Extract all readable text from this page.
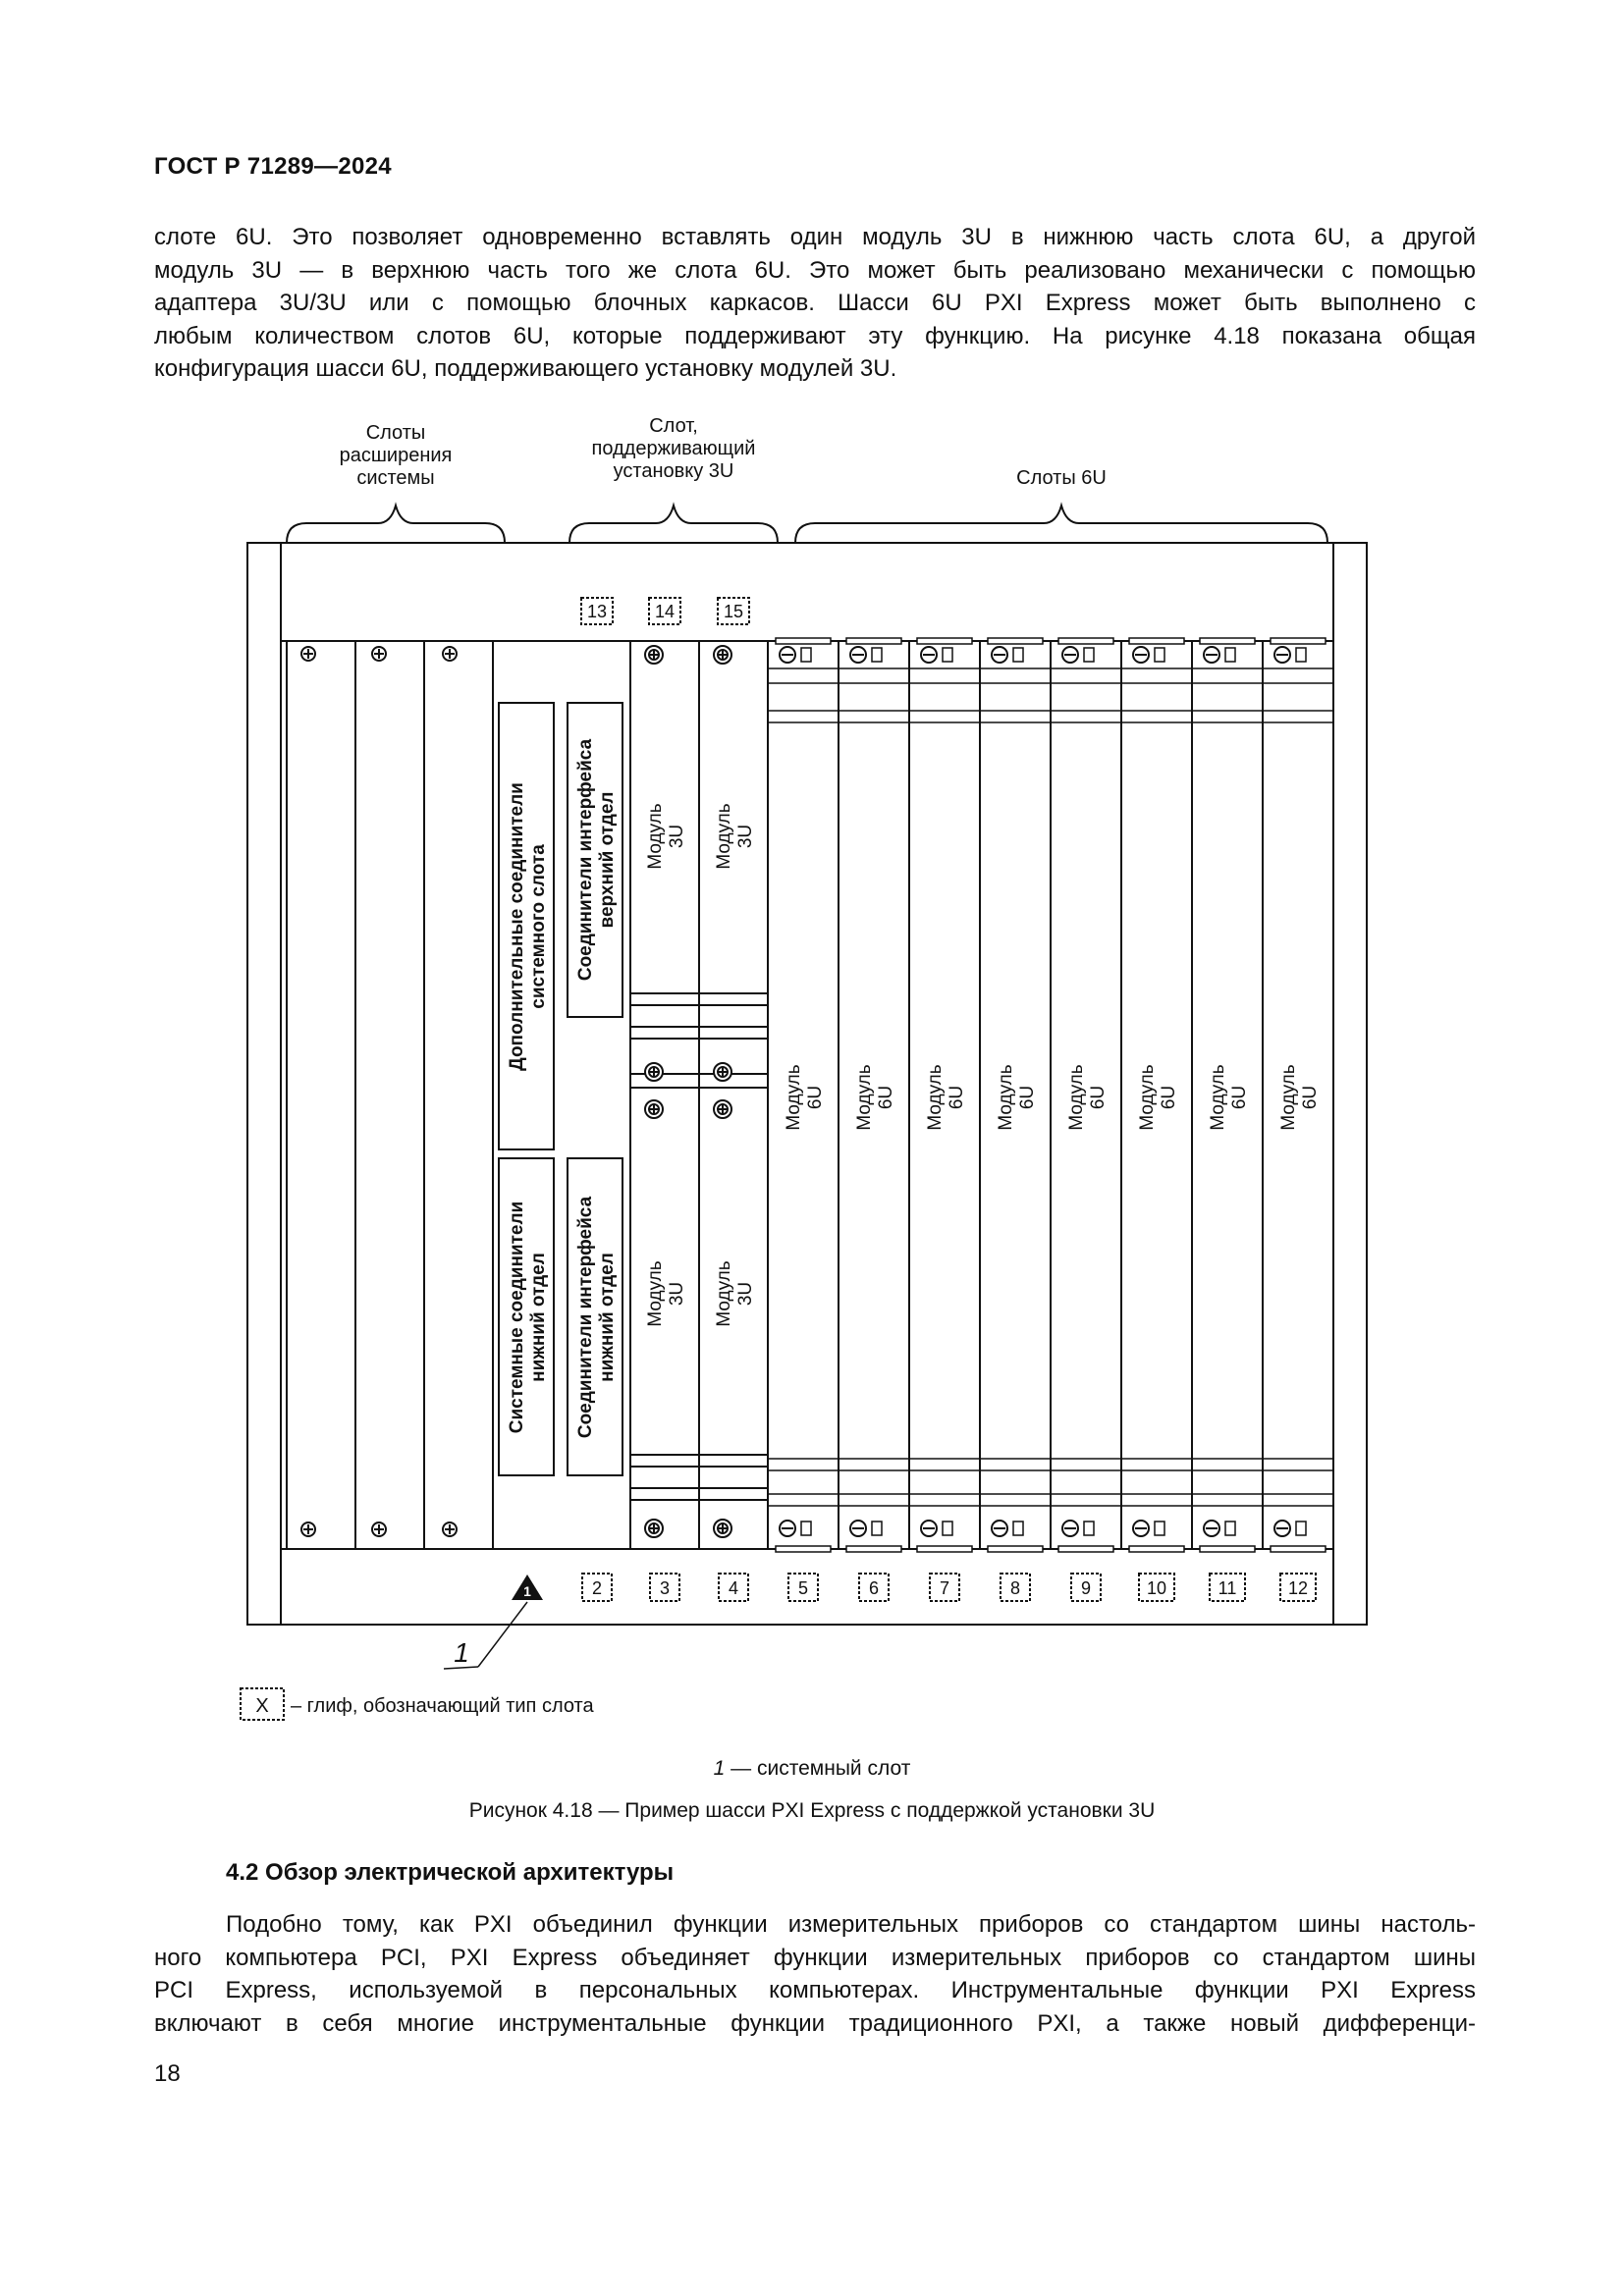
ГОСТ Р 71289—2024

слоте 6U. Это позволяет одновременно вставлять один модуль 3U в нижнюю часть слота 6U, а другой
модуль 3U — в верхнюю часть того же слота 6U. Это может быть реализовано механически с помощью
адаптера 3U/3U или с помощью блочных каркасов. Шасси 6U PXI Express может быть выполнено с
любым количеством слотов 6U, которые поддерживают эту функцию. На рисунке 4.18 показана общая
конфигурация шасси 6U, поддерживающего установку модулей 3U.

Слоты
расширения
системы
Слот,
поддерживающий
установку 3U	Слоты 6U
Дополнительные соединители системного слота
Системные соединители нижний отдел
Соединители интерфейса верхний отдел
Соединители интерфейса нижний отдел
Модуль 3U Модуль 3U
Модуль 3U Модуль 3U
Модуль 6U Модуль 6U Модуль 6U Модуль 6U Модуль 6U Модуль 6U Модуль 6U Модуль 6U
13	14	15
2	3	4	5	6	7	8	9	10	11	12
1
1
X – глиф, обозначающий тип слота
1 — системный слот
Рисунок 4.18 — Пример шасси PXI Express с поддержкой установки 3U
4.2 Обзор электрической архитектуры

Подобно тому, как PXI объединил функции измерительных приборов со стандартом шины настоль-
ного компьютера PCI, PXI Express объединяет функции измерительных приборов со стандартом шины
PCI Express, используемой в персональных компьютерах. Инструментальные функции PXI Express
включают в себя многие инструментальные функции традиционного PXI, а также новый дифференци-

18
